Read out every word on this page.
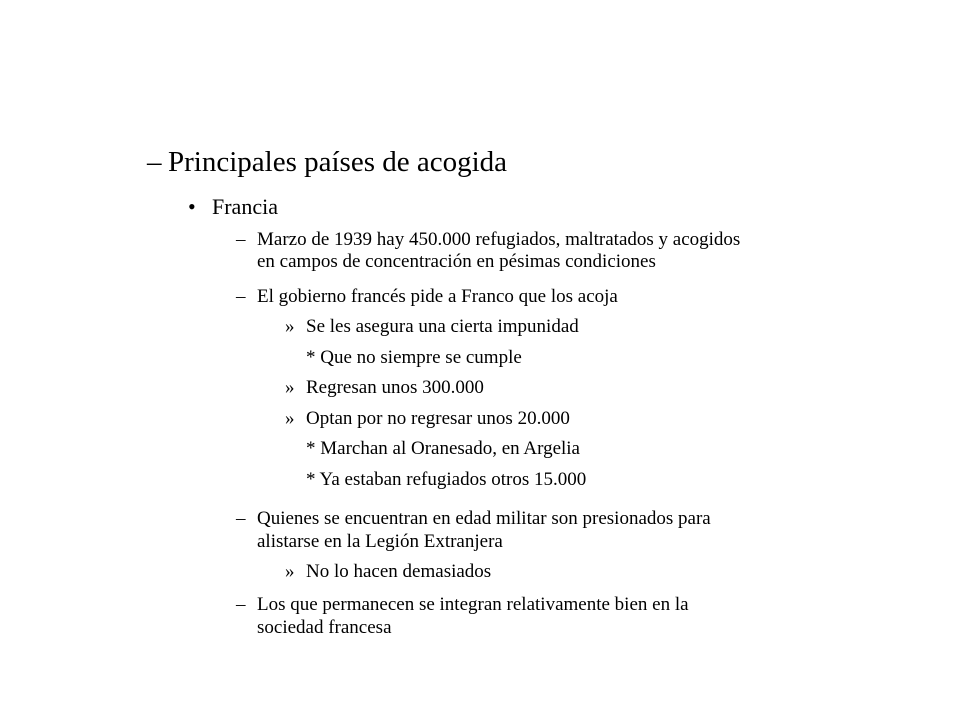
– Principales países de acogida
• Francia
– Marzo de 1939 hay 450.000 refugiados, maltratados y acogidos
en campos de concentración en pésimas condiciones
– El gobierno francés pide a Franco que los acoja
» Se les asegura una cierta impunidad
* Que no siempre se cumple
» Regresan unos 300.000
» Optan por no regresar unos 20.000
* Marchan al Oranesado, en Argelia
* Ya estaban refugiados otros 15.000
– Quienes se encuentran en edad militar son presionados para
alistarse en la Legión Extranjera
» No lo hacen demasiados
– Los que permanecen se integran relativamente bien en la
sociedad francesa
